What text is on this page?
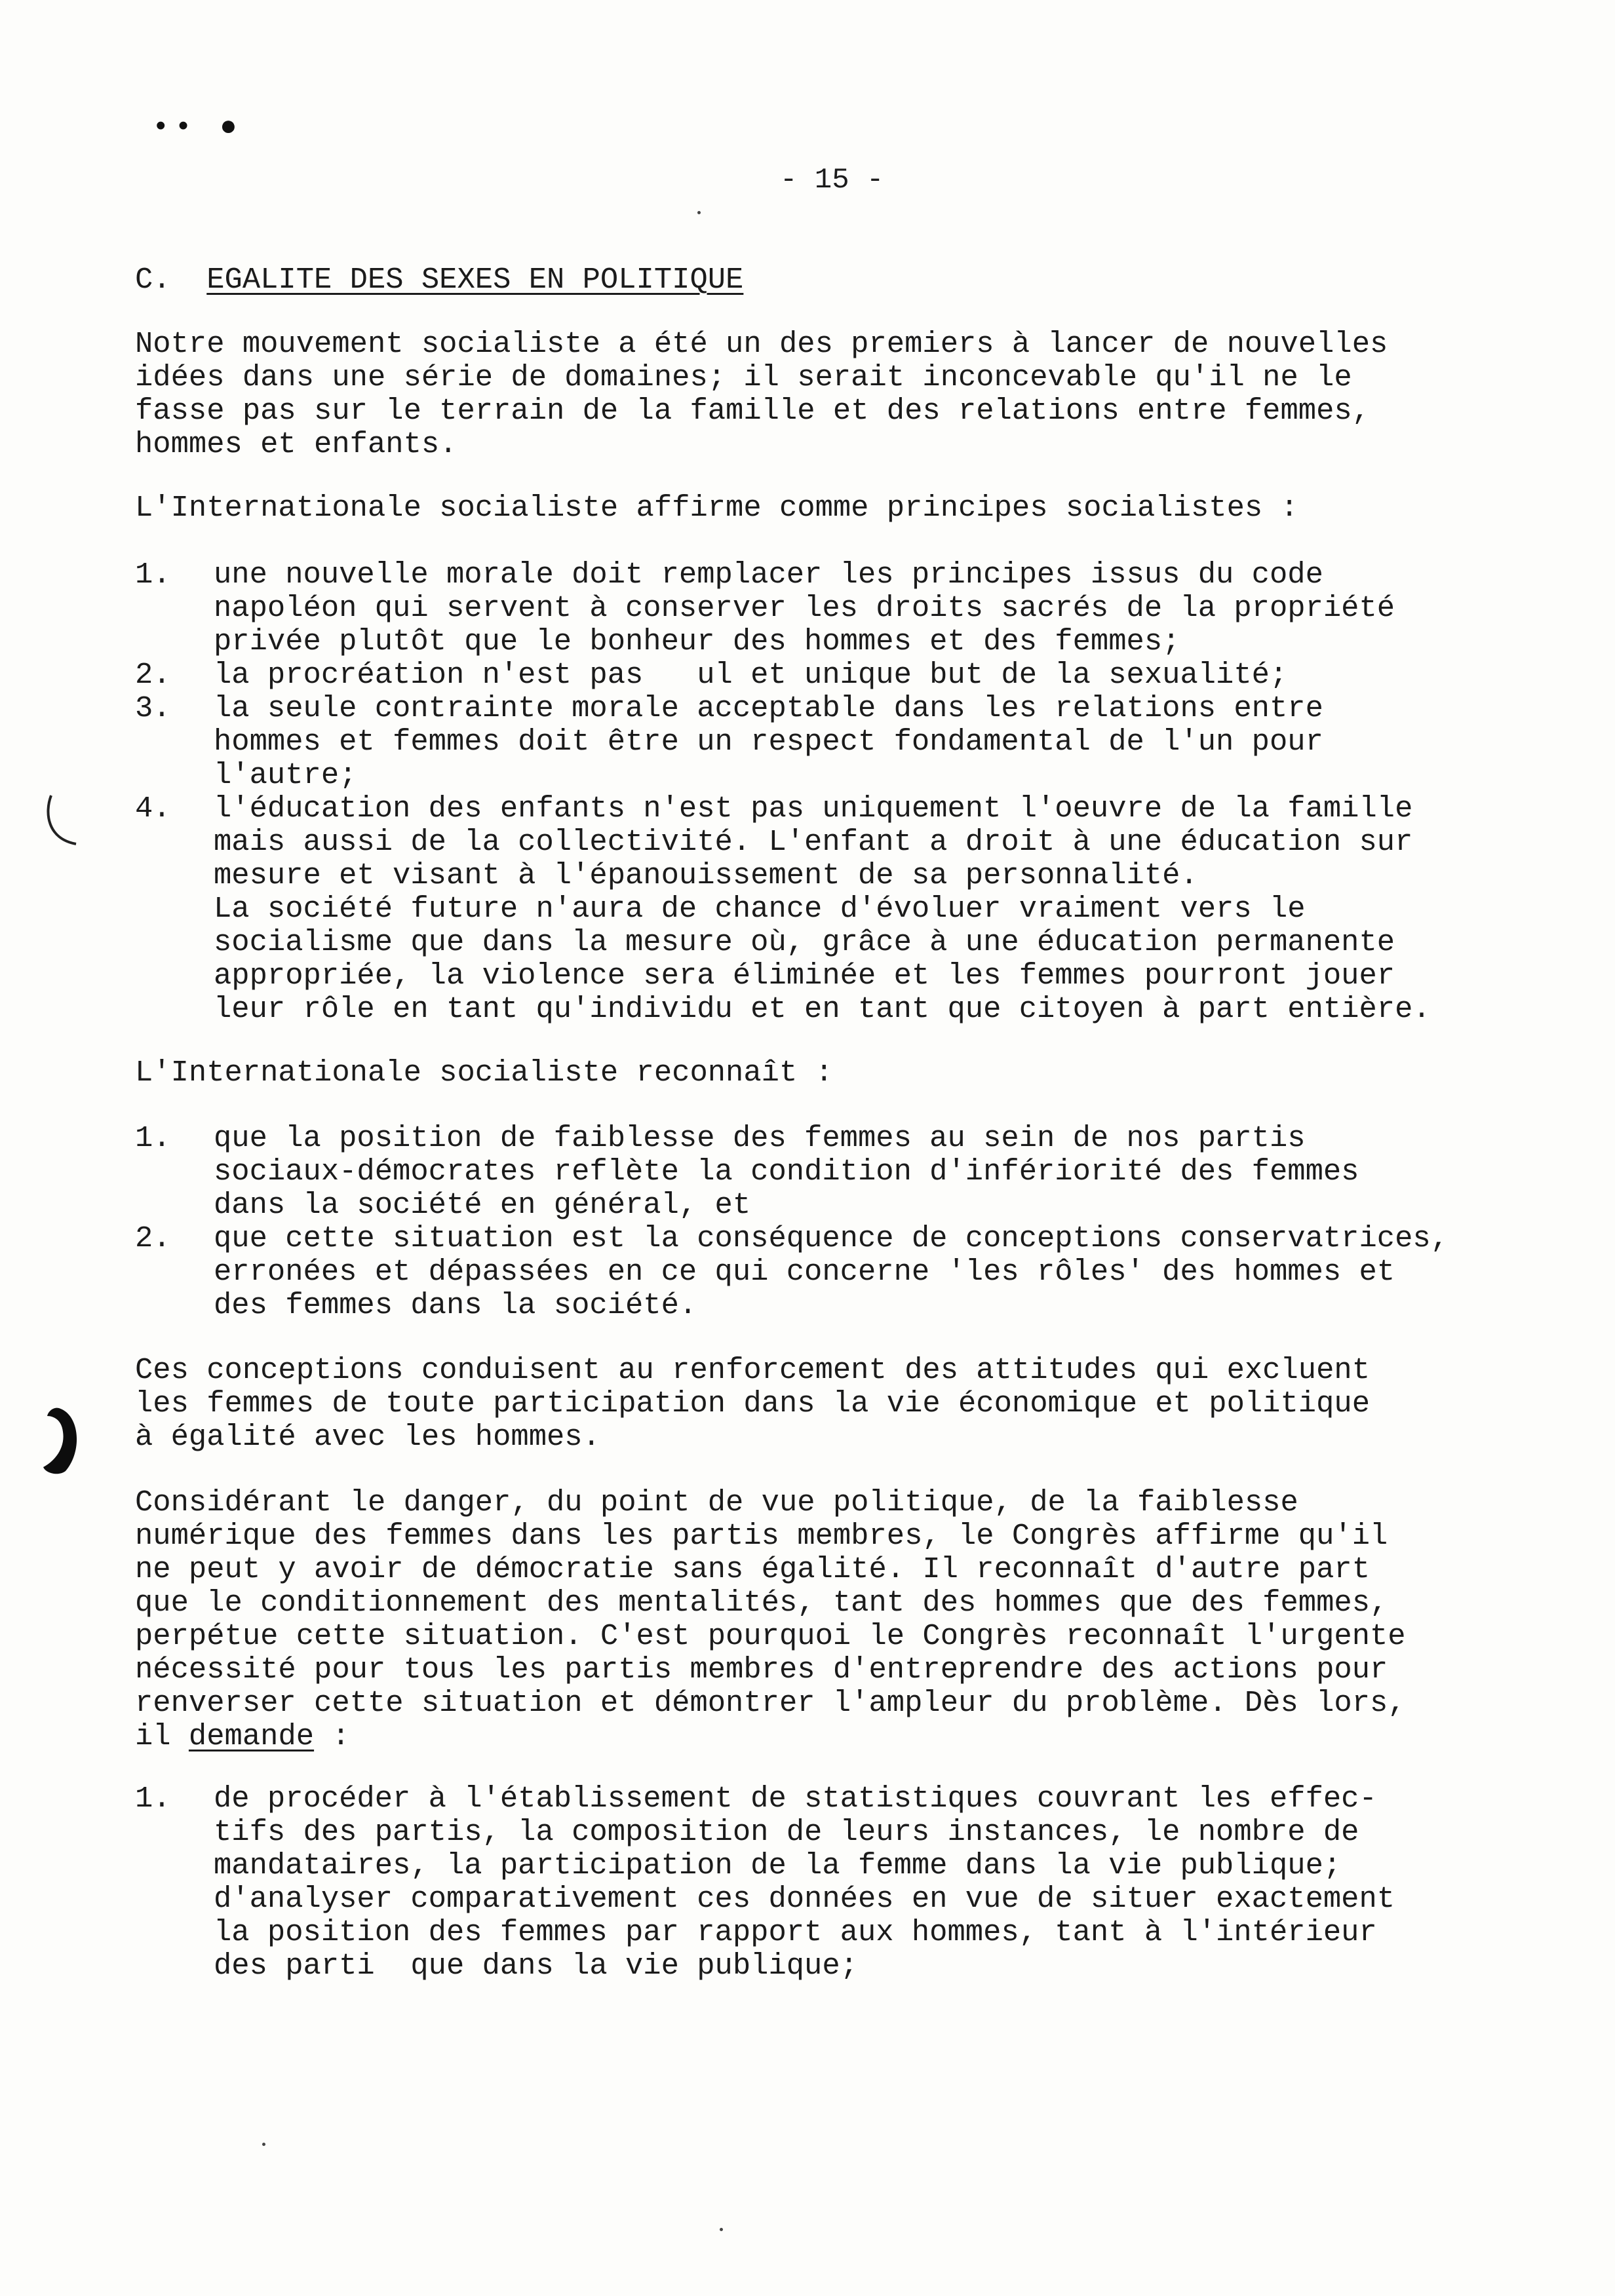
•• ●
- 15 -
C. EGALITE DES SEXES EN POLITIQUE
Notre mouvement socialiste a été un des premiers à lancer de nouvelles
idées dans une série de domaines; il serait inconcevable qu'il ne le
fasse pas sur le terrain de la famille et des relations entre femmes,
hommes et enfants.
L'Internationale socialiste affirme comme principes socialistes :
1.	une nouvelle morale doit remplacer les principes issus du code
napoléon qui servent à conserver les droits sacrés de la propriété
privée plutôt que le bonheur des hommes et des femmes;
2.	la procréation n'est pas   ul et unique but de la sexualité;
3.	la seule contrainte morale acceptable dans les relations entre
hommes et femmes doit être un respect fondamental de l'un pour
l'autre;
4.	l'éducation des enfants n'est pas uniquement l'oeuvre de la famille
mais aussi de la collectivité. L'enfant a droit à une éducation sur
mesure et visant à l'épanouissement de sa personnalité.
La société future n'aura de chance d'évoluer vraiment vers le
socialisme que dans la mesure où, grâce à une éducation permanente
appropriée, la violence sera éliminée et les femmes pourront jouer
leur rôle en tant qu'individu et en tant que citoyen à part entière.
L'Internationale socialiste reconnaît :
1.	que la position de faiblesse des femmes au sein de nos partis
sociaux-démocrates reflète la condition d'infériorité des femmes
dans la société en général, et
2.	que cette situation est la conséquence de conceptions conservatrices,
erronées et dépassées en ce qui concerne 'les rôles' des hommes et
des femmes dans la société.
Ces conceptions conduisent au renforcement des attitudes qui excluent
les femmes de toute participation dans la vie économique et politique
à égalité avec les hommes.
Considérant le danger, du point de vue politique, de la faiblesse
numérique des femmes dans les partis membres, le Congrès affirme qu'il
ne peut y avoir de démocratie sans égalité. Il reconnaît d'autre part
que le conditionnement des mentalités, tant des hommes que des femmes,
perpétue cette situation. C'est pourquoi le Congrès reconnaît l'urgente
nécessité pour tous les partis membres d'entreprendre des actions pour
renverser cette situation et démontrer l'ampleur du problème. Dès lors,
il demande :
1.	de procéder à l'établissement de statistiques couvrant les effec-
tifs des partis, la composition de leurs instances, le nombre de
mandataires, la participation de la femme dans la vie publique;
d'analyser comparativement ces données en vue de situer exactement
la position des femmes par rapport aux hommes, tant à l'intérieur
des parti  que dans la vie publique;
